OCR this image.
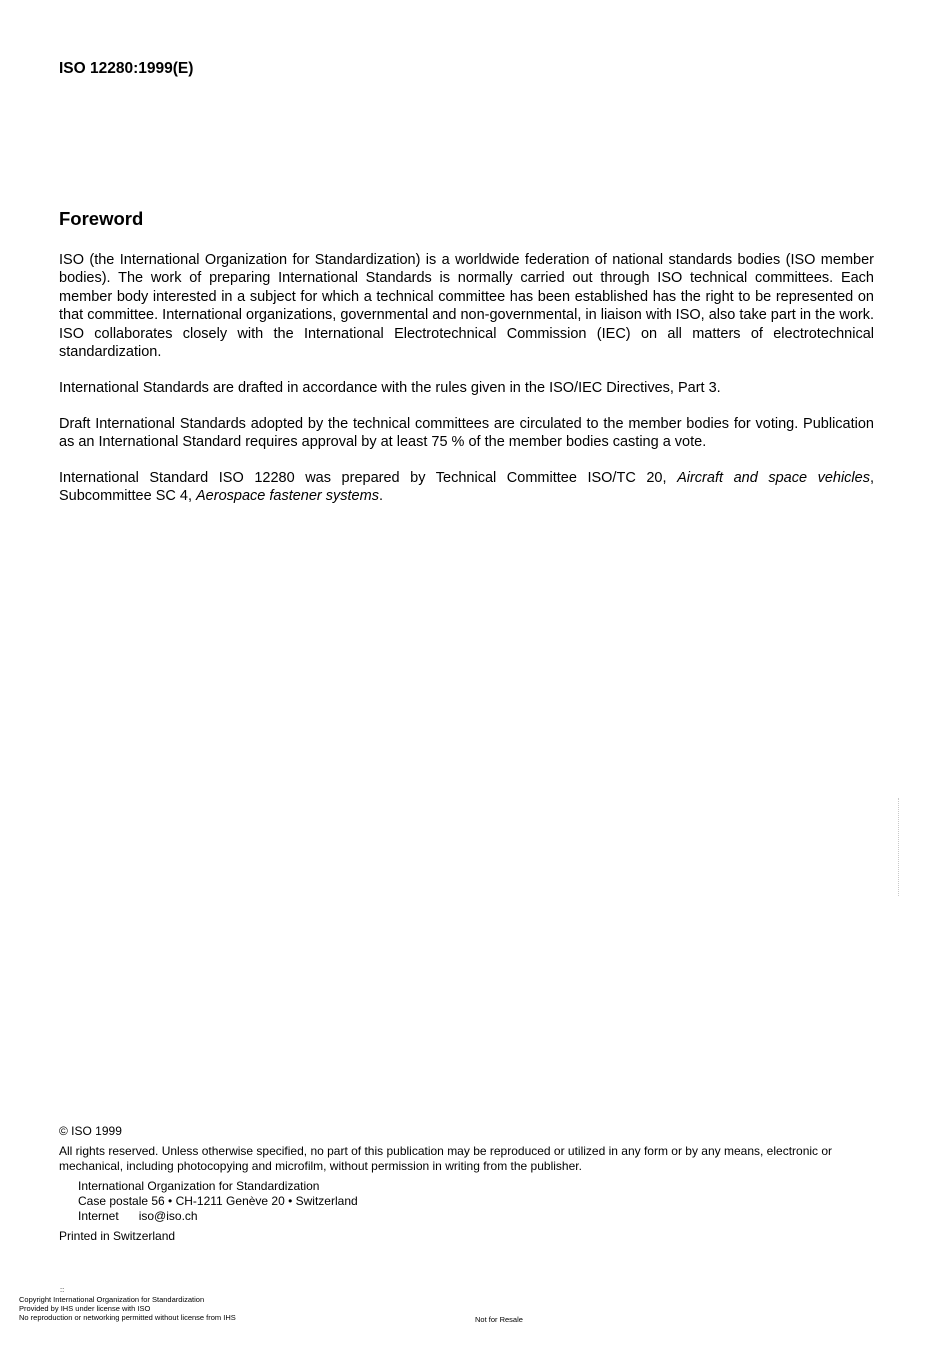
ISO 12280:1999(E)
Foreword
ISO (the International Organization for Standardization) is a worldwide federation of national standards bodies (ISO member bodies). The work of preparing International Standards is normally carried out through ISO technical committees. Each member body interested in a subject for which a technical committee has been established has the right to be represented on that committee. International organizations, governmental and non-governmental, in liaison with ISO, also take part in the work. ISO collaborates closely with the International Electrotechnical Commission (IEC) on all matters of electrotechnical standardization.
International Standards are drafted in accordance with the rules given in the ISO/IEC Directives, Part 3.
Draft International Standards adopted by the technical committees are circulated to the member bodies for voting. Publication as an International Standard requires approval by at least 75 % of the member bodies casting a vote.
International Standard ISO 12280 was prepared by Technical Committee ISO/TC 20, Aircraft and space vehicles, Subcommittee SC 4, Aerospace fastener systems.
© ISO 1999
All rights reserved. Unless otherwise specified, no part of this publication may be reproduced or utilized in any form or by any means, electronic or mechanical, including photocopying and microfilm, without permission in writing from the publisher.
International Organization for Standardization
Case postale 56 • CH-1211 Genève 20 • Switzerland
Internet iso@iso.ch
Printed in Switzerland
::
Copyright International Organization for Standardization
Provided by IHS under license with ISO
No reproduction or networking permitted without license from IHS	Not for Resale
